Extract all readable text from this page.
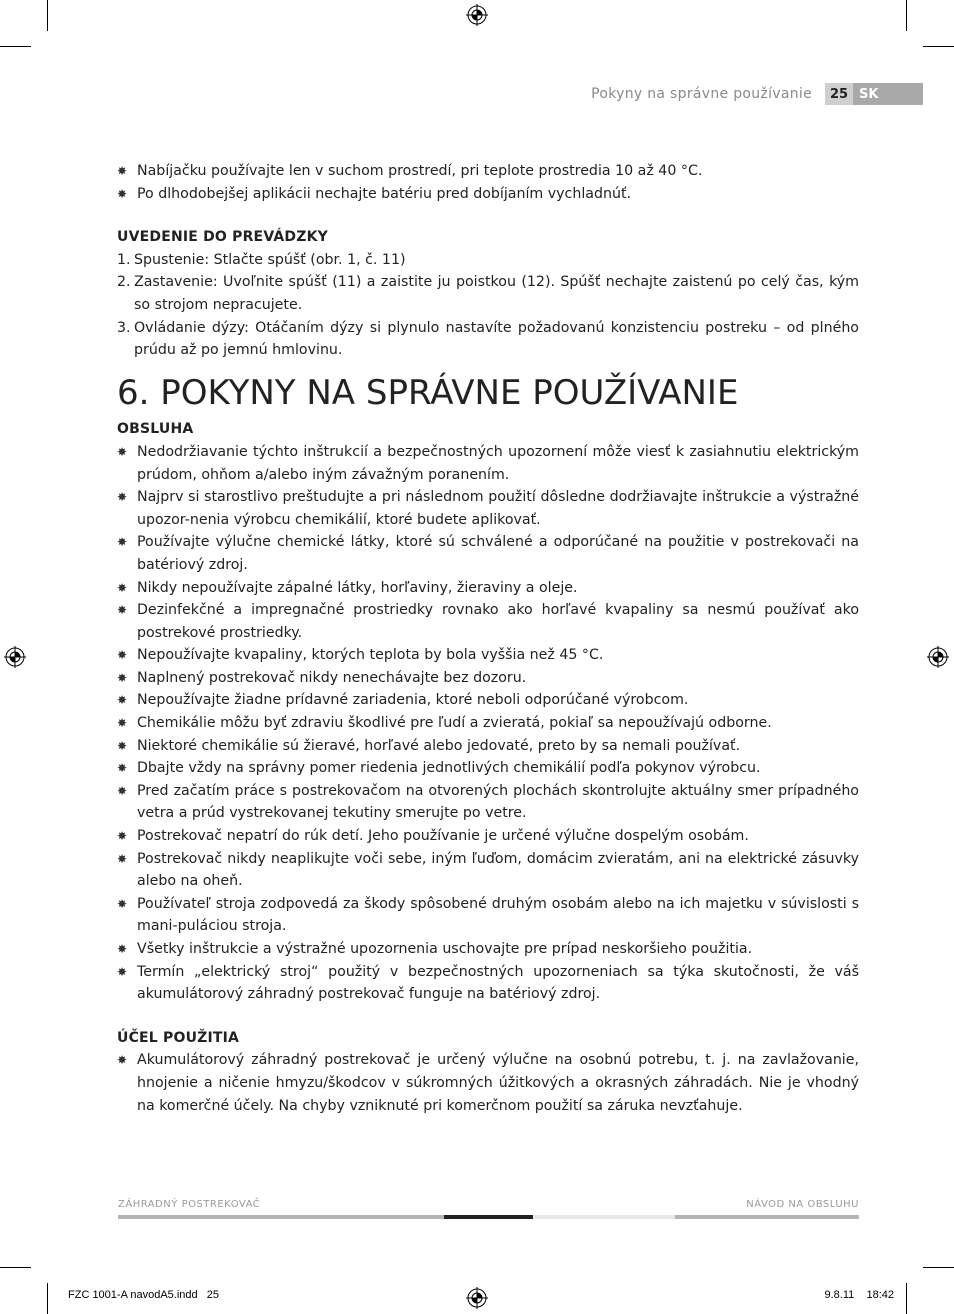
Pokyny na správne používanie	25 SK
✸ Nabíjačku používajte len v suchom prostredí, pri teplote prostredia 10 až 40 °C.
✸ Po dlhodobejšej aplikácii nechajte batériu pred dobíjaním vychladnúť.
UVEDENIE DO PREVÁDZKY
1. Spustenie: Stlačte spúšť (obr. 1, č. 11)
2. Zastavenie: Uvoľnite spúšť (11) a zaistite ju poistkou (12). Spúšť nechajte zaistenú po celý čas, kým so strojom nepracujete.
3. Ovládanie dýzy: Otáčaním dýzy si plynulo nastavíte požadovanú konzistenciu postreku – od plného prúdu až po jemnú hmlovinu.
6. POKYNY NA SPRÁVNE POUŽÍVANIE
OBSLUHA
✸ Nedodržiavanie týchto inštrukcií a bezpečnostných upozornení môže viesť k zasiahnutiu elektrickým prúdom, ohňom a/alebo iným závažným poranením.
✸ Najprv si starostlivo preštudujte a pri následnom použití dôsledne dodržiavajte inštrukcie a výstražné upozor-nenia výrobcu chemikálií, ktoré budete aplikovať.
✸ Používajte výlučne chemické látky, ktoré sú schválené a odporúčané na použitie v postrekovači na batériový zdroj.
✸ Nikdy nepoužívajte zápalné látky, horľaviny, žieraviny a oleje.
✸ Dezinfekčné a impregnačné prostriedky rovnako ako horľavé kvapaliny sa nesmú používať ako postrekové prostriedky.
✸ Nepoužívajte kvapaliny, ktorých teplota by bola vyššia než 45 °C.
✸ Naplnený postrekovač nikdy nenechávajte bez dozoru.
✸ Nepoužívajte žiadne prídavné zariadenia, ktoré neboli odporúčané výrobcom.
✸ Chemikálie môžu byť zdraviu škodlivé pre ľudí a zvieratá, pokiaľ sa nepoužívajú odborne.
✸ Niektoré chemikálie sú žieravé, horľavé alebo jedovaté, preto by sa nemali používať.
✸ Dbajte vždy na správny pomer riedenia jednotlivých chemikálií podľa pokynov výrobcu.
✸ Pred začatím práce s postrekovačom na otvorených plochách skontrolujte aktuálny smer prípadného vetra a prúd vystrekovanej tekutiny smerujte po vetre.
✸ Postrekovač nepatrí do rúk detí. Jeho používanie je určené výlučne dospelým osobám.
✸ Postrekovač nikdy neaplikujte voči sebe, iným ľuďom, domácim zvieratám, ani na elektrické zásuvky alebo na oheň.
✸ Používateľ stroja zodpovedá za škody spôsobené druhým osobám alebo na ich majetku v súvislosti s mani-puláciou stroja.
✸ Všetky inštrukcie a výstražné upozornenia uschovajte pre prípad neskoršieho použitia.
✸ Termín „elektrický stroj“ použitý v bezpečnostných upozorneniach sa týka skutočnosti, že váš akumulátorový záhradný postrekovač funguje na batériový zdroj.
ÚČEL POUŽITIA
✸ Akumulátorový záhradný postrekovač je určený výlučne na osobnú potrebu, t. j. na zavlažovanie, hnojenie a ničenie hmyzu/škodcov v súkromných úžitkových a okrasných záhradách. Nie je vhodný na komerčné účely. Na chyby vzniknuté pri komerčnom použití sa záruka nevzťahuje.
ZÁHRADNÝ POSTREKOVAČ	NÁVOD NA OBSLUHU
FZC 1001-A navodA5.indd   25	9.8.11    18:42
